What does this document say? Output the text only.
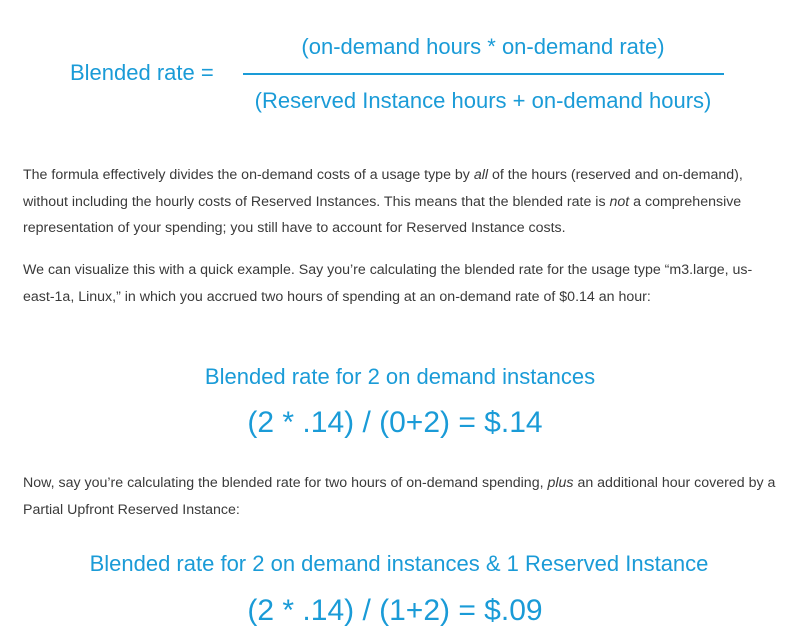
Blended rate =
(on-demand hours * on-demand rate)
(Reserved Instance hours + on-demand hours)

The formula effectively divides the on-demand costs of a usage type by all of the hours (reserved and on-demand), without including the hourly costs of Reserved Instances. This means that the blended rate is not a comprehensive representation of your spending; you still have to account for Reserved Instance costs.

We can visualize this with a quick example. Say you’re calculating the blended rate for the usage type “m3.large, us-east-1a, Linux,” in which you accrued two hours of spending at an on-demand rate of $0.14 an hour:

Blended rate for 2 on demand instances
(2 * .14) / (0+2) = $.14

Now, say you’re calculating the blended rate for two hours of on-demand spending, plus an additional hour covered by a Partial Upfront Reserved Instance:

Blended rate for 2 on demand instances & 1 Reserved Instance
(2 * .14) / (1+2) = $.09
